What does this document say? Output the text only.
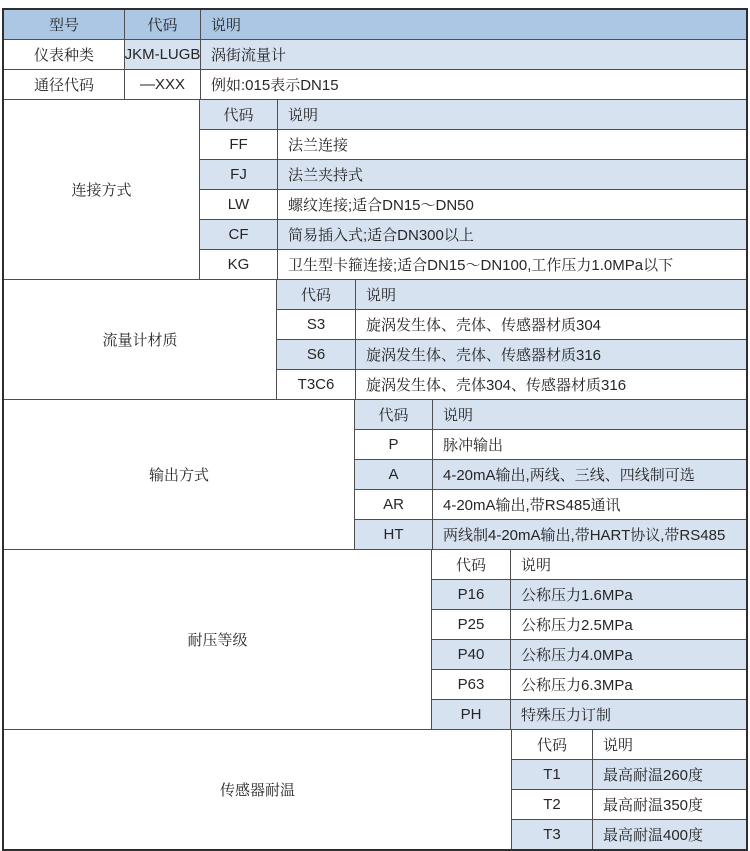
型号	代码	说明
仪表种类	JKM-LUGB 涡街流量计
通径代码	—XXX	例如:015表示DN15
连接方式
代码	说明
FF	法兰连接
FJ	法兰夹持式
LW	螺纹连接;适合DN15～DN50
CF	简易插入式;适合DN300以上
KG	卫生型卡箍连接;适合DN15～DN100,工作压力1.0MPa以下
流量计材质
代码	说明
S3	旋涡发生体、壳体、传感器材质304
S6	旋涡发生体、壳体、传感器材质316
T3C6	旋涡发生体、壳体304、传感器材质316
输出方式
代码	说明
P	脉冲输出
A	4-20mA输出,两线、三线、四线制可选
AR	4-20mA输出,带RS485通讯
HT	两线制4-20mA输出,带HART协议,带RS485
耐压等级
代码	说明
P16	公称压力1.6MPa
P25	公称压力2.5MPa
P40	公称压力4.0MPa
P63	公称压力6.3MPa
PH	特殊压力订制
传感器耐温
代码	说明
T1	最高耐温260度
T2	最高耐温350度
T3	最高耐温400度
